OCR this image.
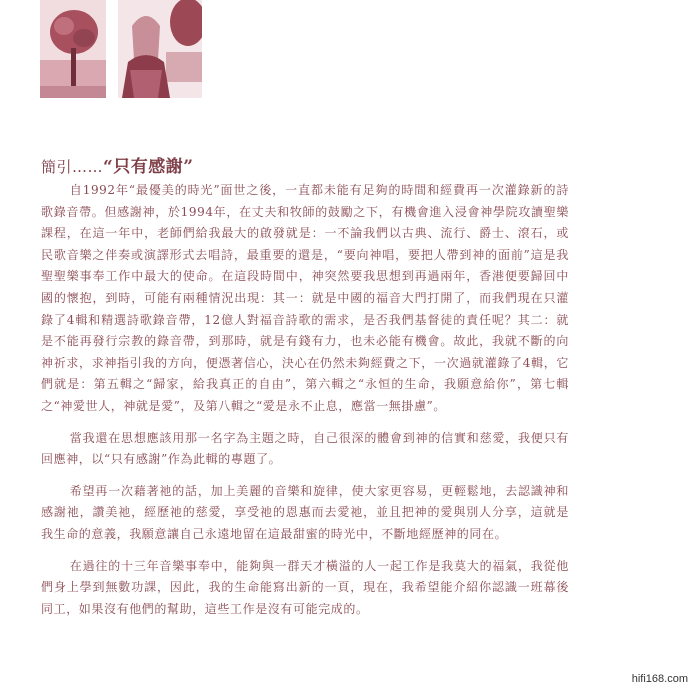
簡引……“只有感謝”

自1992年“最優美的時光”面世之後，一直都未能有足夠的時間和經費再一次灌錄新的詩歌錄音帶。但感謝神，於1994年，在丈夫和牧師的鼓勵之下，有機會進入浸會神學院攻讀聖樂課程，在這一年中，老師們給我最大的啟發就是：一不論我們以古典、流行、爵士、滾石，或民歌音樂之伴奏或演譯形式去唱詩，最重要的還是，“要向神唱，要把人帶到神的面前”這是我聖聖樂事奉工作中最大的使命。在這段時間中，神突然要我思想到再過兩年，香港便要歸回中國的懷抱，到時，可能有兩種情況出現：其一：就是中國的福音大門打開了，而我們現在只灌錄了4輯和精選詩歌錄音帶，12億人對福音詩歌的需求，是否我們基督徒的責任呢？其二：就是不能再發行宗教的錄音帶，到那時，就是有錢有力，也未必能有機會。故此，我就不斷的向神祈求，求神指引我的方向，便憑著信心，決心在仍然未夠經費之下，一次過就灌錄了4輯，它們就是：第五輯之“歸家，給我真正的自由”，第六輯之“永恒的生命，我願意給你”，第七輯之“神愛世人，神就是愛”，及第八輯之“愛是永不止息，應當一無掛慮”。

當我還在思想應該用那一名字為主題之時，自己很深的體會到神的信實和慈愛，我便只有回應神，以“只有感謝”作為此輯的專題了。

希望再一次藉著祂的話，加上美麗的音樂和旋律，使大家更容易，更輕鬆地，去認識神和感謝祂，讚美祂，經歷祂的慈愛，享受祂的恩惠而去愛祂，並且把神的愛與別人分享，這就是我生命的意義，我願意讓自己永遠地留在這最甜蜜的時光中，不斷地經歷神的同在。

在過往的十三年音樂事奉中，能夠與一群天才橫溢的人一起工作是我莫大的福氣，我從他們身上學到無數功課，因此，我的生命能寫出新的一頁，現在，我希望能介紹你認識一班幕後同工，如果沒有他們的幫助，這些工作是沒有可能完成的。

hifi168.com
